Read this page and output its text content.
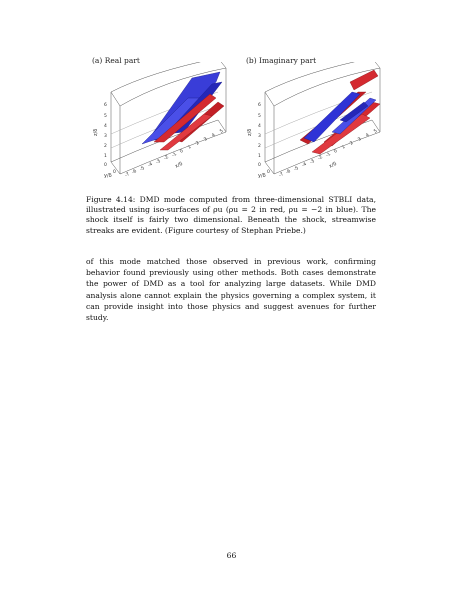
(a) Real part	(b) Imaginary part
6
5
4
3
2
1
0
z/δ
y/δ
0 -7 -6 -5
-4 -3
-2 -1
0
1
2
3
4
5
x/δ
6
5
4
3
2
1
0
z/δ
y/δ
0 -7 -6 -5
-4 -3
-2 -1
0
1
2
3
4
5
x/δ
Figure 4.14: DMD mode computed from three-dimensional STBLI data, illustrated using iso-surfaces of ρu (ρu = 2 in red, ρu = −2 in blue). The shock itself is fairly two dimensional. Beneath the shock, streamwise streaks are evident. (Figure courtesy of Stephan Priebe.)
of this mode matched those observed in previous work, confirming behavior found previously using other methods. Both cases demonstrate the power of DMD as a tool for analyzing large datasets. While DMD analysis alone cannot explain the physics governing a complex system, it can provide insight into those physics and suggest avenues for further study.
66
